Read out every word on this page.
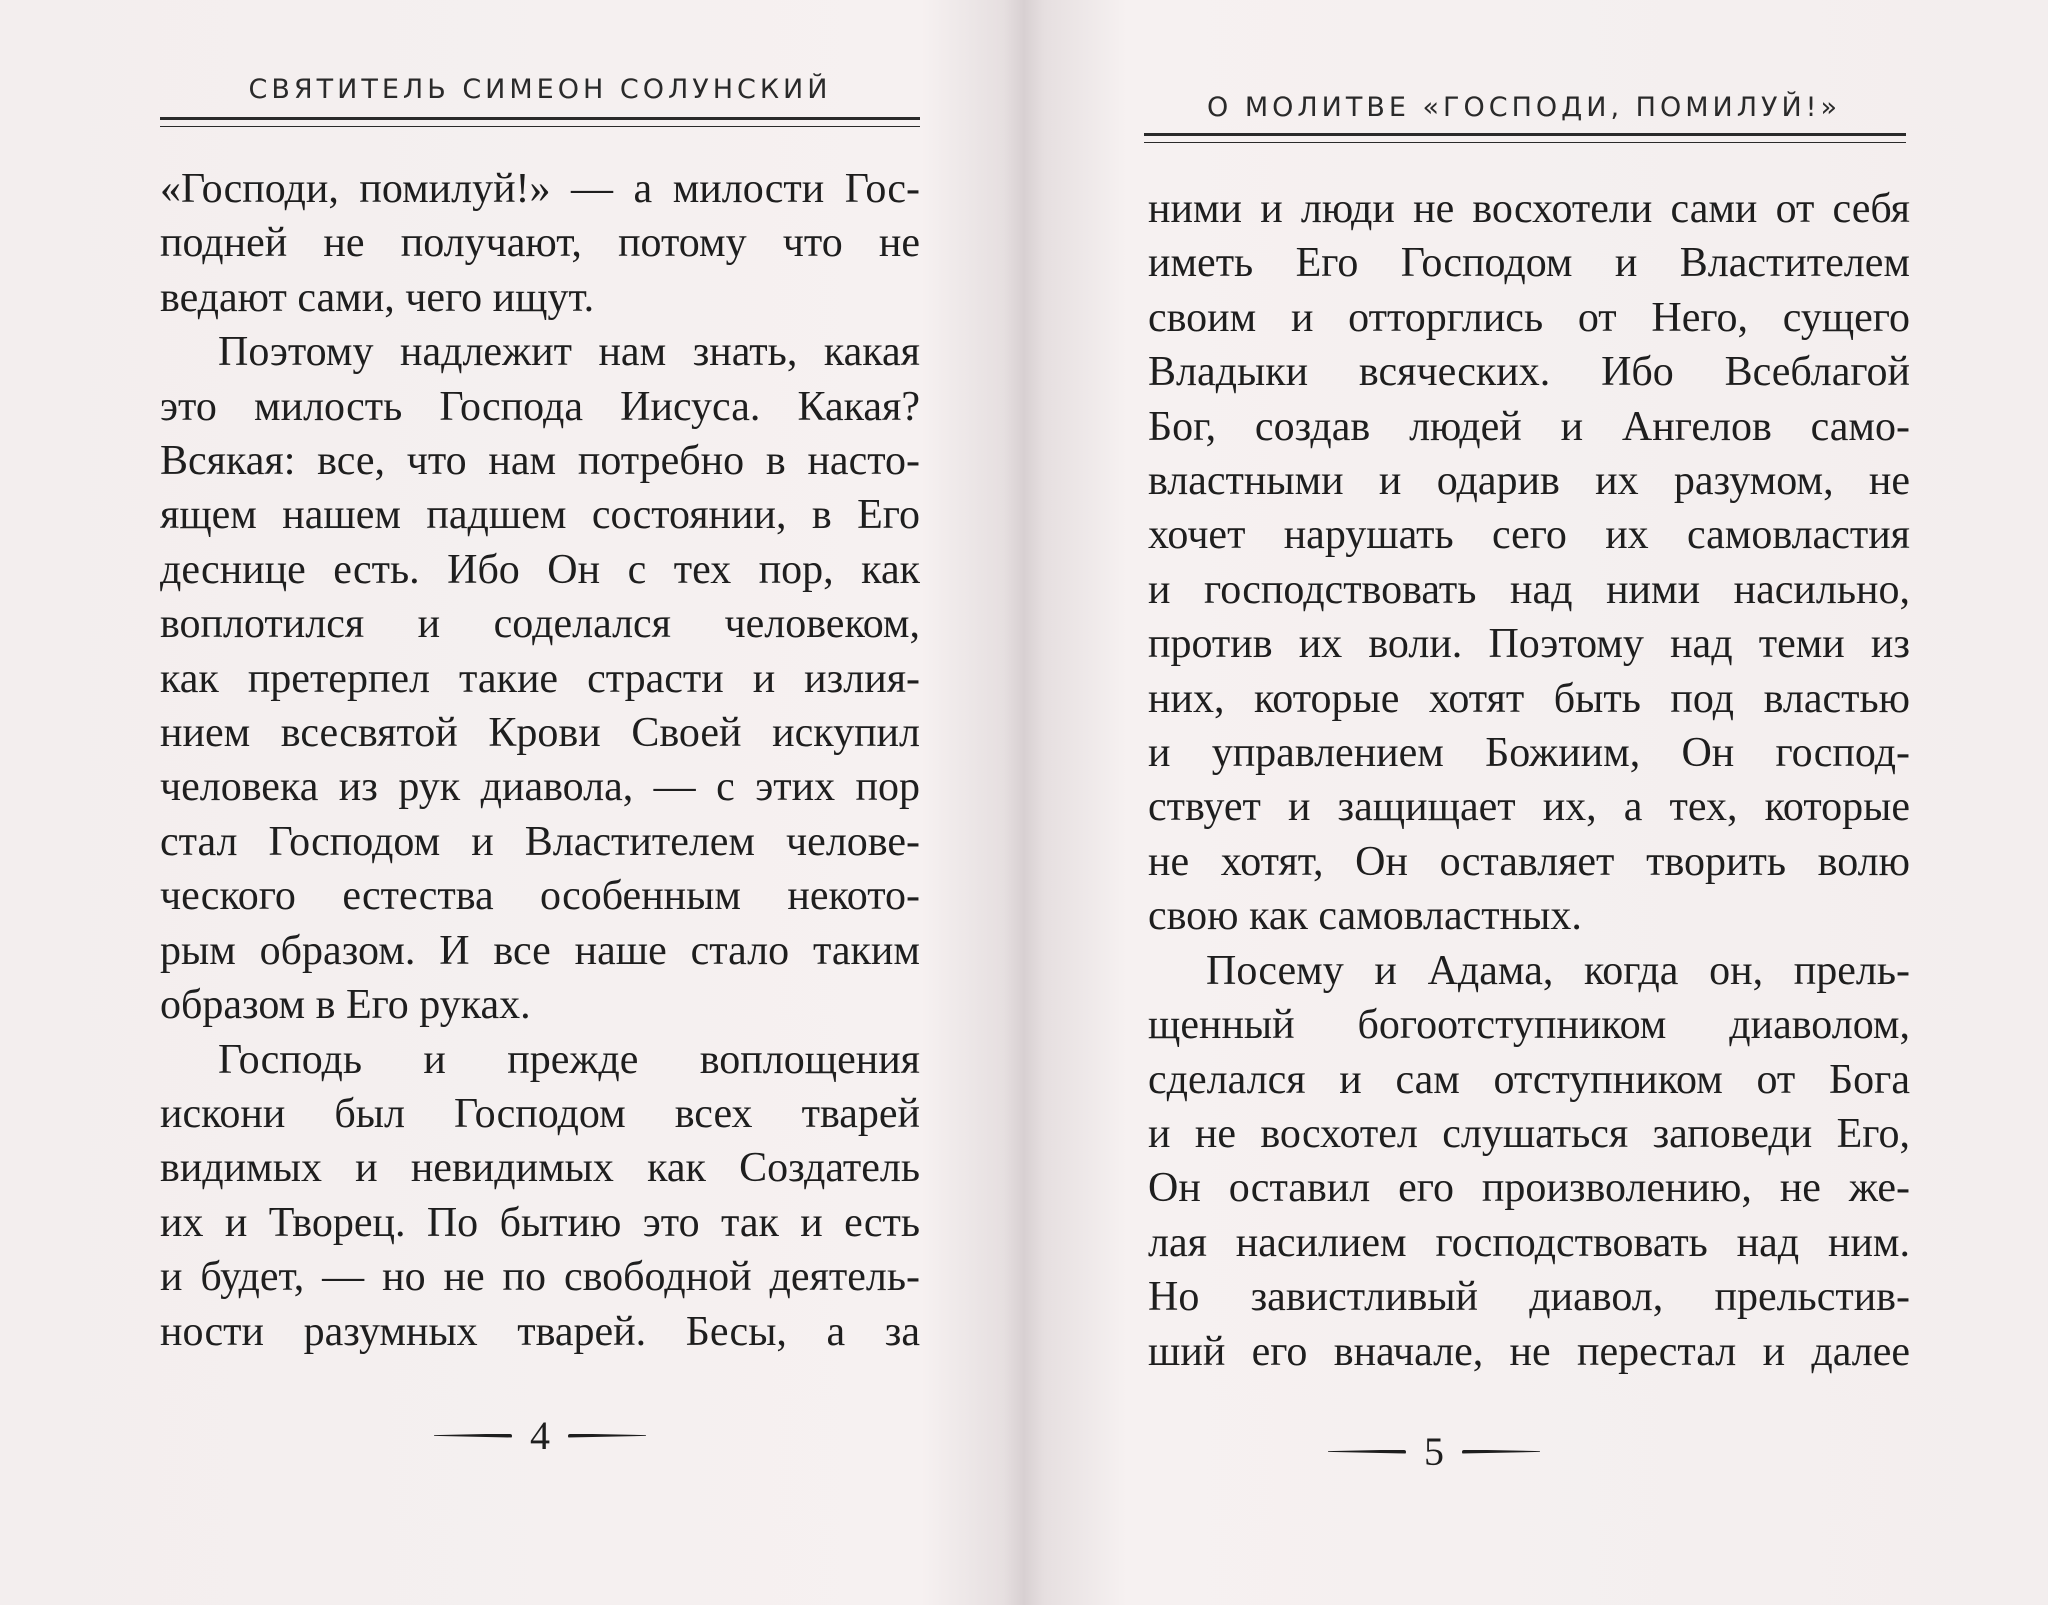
СВЯТИТЕЛЬ СИМЕОН СОЛУНСКИЙ
«Господи, помилуй!» — а милости Гос-
подней не получают, потому что не
ведают сами, чего ищут.
Поэтому надлежит нам знать, какая
это милость Господа Иисуса. Какая?
Всякая: все, что нам потребно в насто-
ящем нашем падшем состоянии, в Его
деснице есть. Ибо Он с тех пор, как
воплотился и соделался человеком,
как претерпел такие страсти и излия-
нием всесвятой Крови Своей искупил
человека из рук диавола, — с этих пор
стал Господом и Властителем челове-
ческого естества особенным некото-
рым образом. И все наше стало таким
образом в Его руках.
Господь и прежде воплощения
искони был Господом всех тварей
видимых и невидимых как Создатель
их и Творец. По бытию это так и есть
и будет, — но не по свободной деятель-
ности разумных тварей. Бесы, а за
4
О МОЛИТВЕ «ГОСПОДИ, ПОМИЛУЙ!»
ними и люди не восхотели сами от себя
иметь Его Господом и Властителем
своим и отторглись от Него, сущего
Владыки всяческих. Ибо Всеблагой
Бог, создав людей и Ангелов само-
властными и одарив их разумом, не
хочет нарушать сего их самовластия
и господствовать над ними насильно,
против их воли. Поэтому над теми из
них, которые хотят быть под властью
и управлением Божиим, Он господ-
ствует и защищает их, а тех, которые
не хотят, Он оставляет творить волю
свою как самовластных.
Посему и Адама, когда он, прель-
щенный богоотступником диаволом,
сделался и сам отступником от Бога
и не восхотел слушаться заповеди Его,
Он оставил его произволению, не же-
лая насилием господствовать над ним.
Но завистливый диавол, прельстив-
ший его вначале, не перестал и далее
5
